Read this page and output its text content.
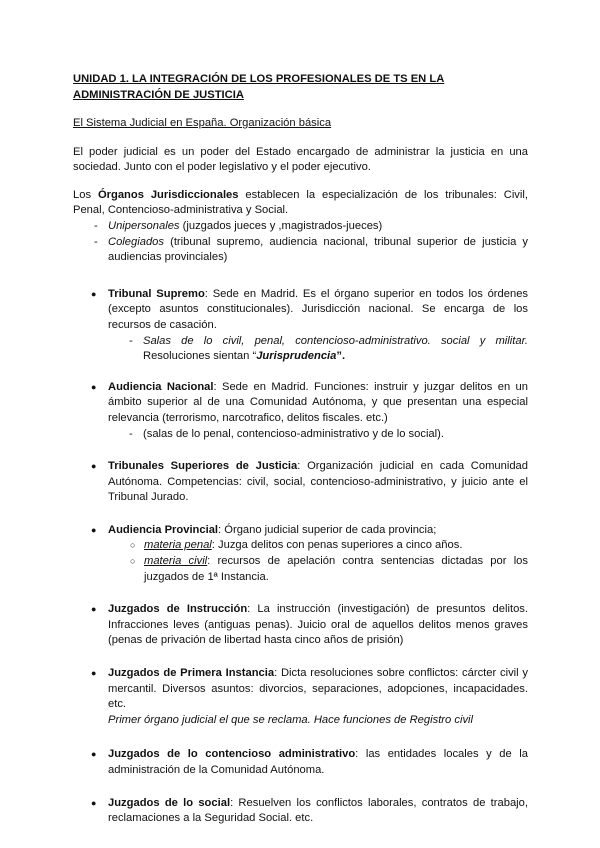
UNIDAD 1. LA INTEGRACIÓN DE LOS PROFESIONALES DE TS EN LA
ADMINISTRACIÓN DE JUSTICIA
El Sistema Judicial en España. Organización básica

El poder judicial es un poder del Estado encargado de administrar la justicia en una sociedad. Junto con el poder legislativo y el poder ejecutivo.

Los Órganos Jurisdiccionales establecen la especialización de los tribunales: Civil, Penal, Contencioso-administrativa y Social.

- Unipersonales (juzgados jueces y ,magistrados-jueces)
- Colegiados (tribunal supremo, audiencia nacional, tribunal superior de justicia y audiencias provinciales)
● Tribunal Supremo: Sede en Madrid. Es el órgano superior en todos los órdenes (excepto asuntos constitucionales). Jurisdicción nacional. Se encarga de los recursos de casación.
- Salas de lo civil, penal, contencioso-administrativo. social y militar. Resoluciones sientan “Jurisprudencia”.
● Audiencia Nacional: Sede en Madrid. Funciones: instruir y juzgar delitos en un ámbito superior al de una Comunidad Autónoma, y que presentan una especial relevancia (terrorismo, narcotrafico, delitos fiscales. etc.)
- (salas de lo penal, contencioso-administrativo y de lo social).
● Tribunales Superiores de Justicia: Organización judicial en cada Comunidad Autónoma. Competencias: civil, social, contencioso-administrativo, y juicio ante el Tribunal Jurado.
● Audiencia Provincial: Órgano judicial superior de cada provincia;
○ materia penal: Juzga delitos con penas superiores a cinco años.
○ materia civil: recursos de apelación contra sentencias dictadas por los juzgados de 1ª Instancia.
● Juzgados de Instrucción: La instrucción (investigación) de presuntos delitos. Infracciones leves (antiguas penas). Juicio oral de aquellos delitos menos graves (penas de privación de libertad hasta cinco años de prisión)
● Juzgados de Primera Instancia: Dicta resoluciones sobre conflictos: cárcter civil y mercantil. Diversos asuntos: divorcios, separaciones, adopciones, incapacidades. etc.
Primer órgano judicial el que se reclama. Hace funciones de Registro civil
● Juzgados de lo contencioso administrativo: las entidades locales y de la administración de la Comunidad Autónoma.
● Juzgados de lo social: Resuelven los conflictos laborales, contratos de trabajo, reclamaciones a la Seguridad Social. etc.
